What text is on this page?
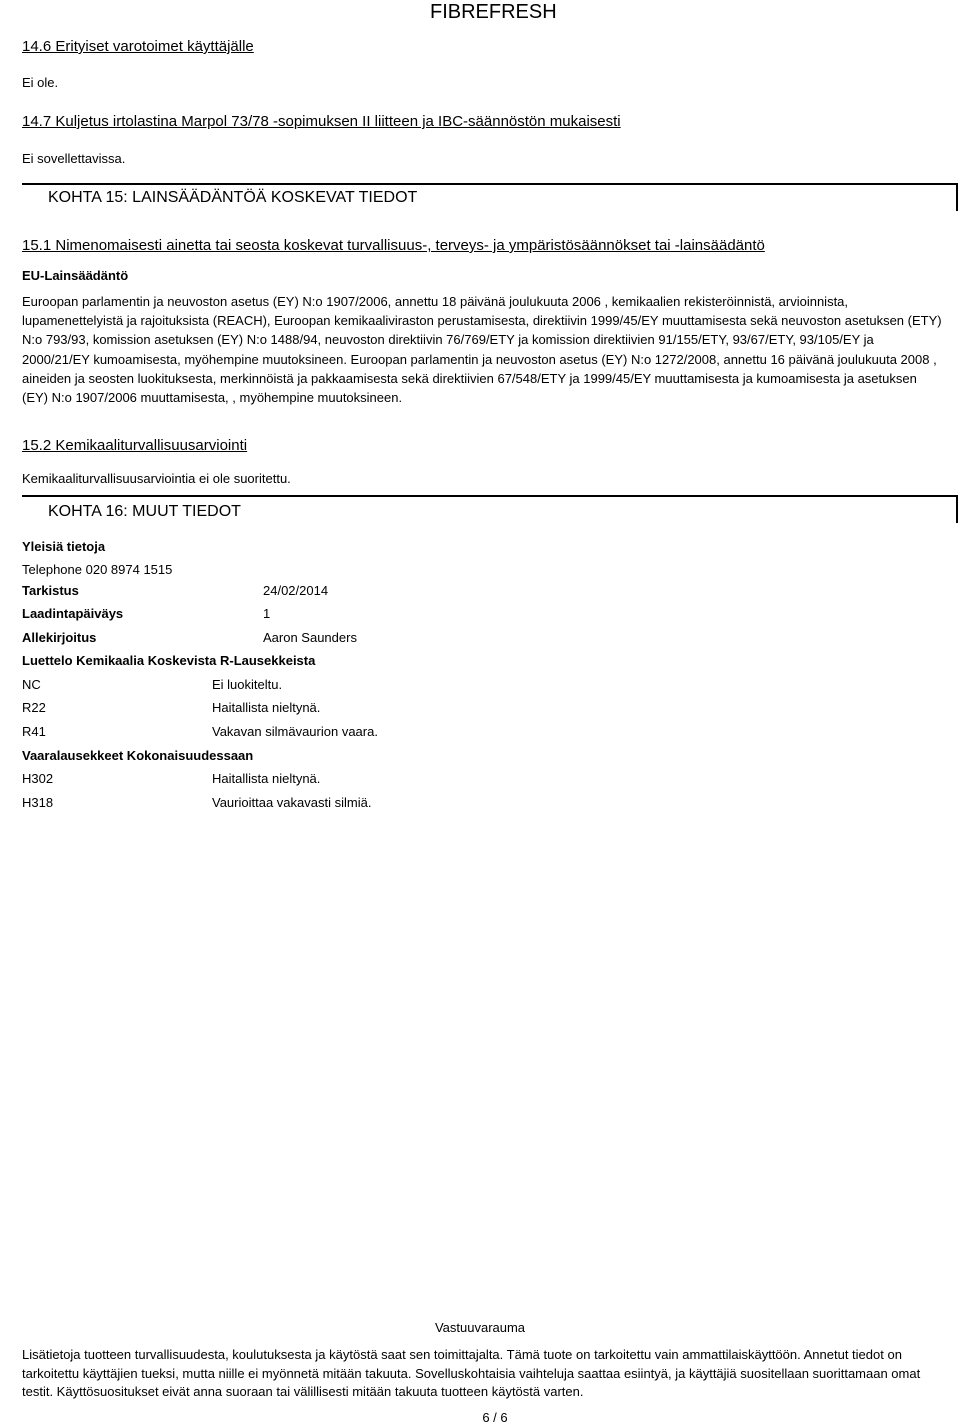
FIBREFRESH
14.6 Erityiset varotoimet käyttäjälle
Ei ole.
14.7 Kuljetus irtolastina Marpol 73/78 -sopimuksen II liitteen ja IBC-säännöstön mukaisesti
Ei sovellettavissa.
KOHTA 15: LAINSÄÄDÄNTÖÄ KOSKEVAT TIEDOT
15.1 Nimenomaisesti ainetta tai seosta koskevat turvallisuus-, terveys- ja ympäristösäännökset tai -lainsäädäntö
EU-Lainsäädäntö
Euroopan parlamentin ja neuvoston asetus (EY) N:o 1907/2006, annettu 18 päivänä joulukuuta 2006 , kemikaalien rekisteröinnistä, arvioinnista, lupamenettelyistä ja rajoituksista (REACH), Euroopan kemikaaliviraston perustamisesta, direktiivin 1999/45/EY muuttamisesta sekä neuvoston asetuksen (ETY) N:o 793/93, komission asetuksen (EY) N:o 1488/94, neuvoston direktiivin 76/769/ETY ja komission direktiivien 91/155/ETY, 93/67/ETY, 93/105/EY ja 2000/21/EY kumoamisesta, myöhempine muutoksineen. Euroopan parlamentin ja neuvoston asetus (EY) N:o 1272/2008, annettu 16 päivänä joulukuuta 2008 , aineiden ja seosten luokituksesta, merkinnöistä ja pakkaamisesta sekä direktiivien 67/548/ETY ja 1999/45/EY muuttamisesta ja kumoamisesta ja asetuksen (EY) N:o 1907/2006 muuttamisesta, , myöhempine muutoksineen.
15.2 Kemikaaliturvallisuusarviointi
Kemikaaliturvallisuusarviointia ei ole suoritettu.
KOHTA 16: MUUT TIEDOT
Yleisiä tietoja
Telephone 020 8974 1515
Tarkistus	24/02/2014
Laadintapäiväys	1
Allekirjoitus	Aaron Saunders
Luettelo Kemikaalia Koskevista R-Lausekkeista
NC	Ei luokiteltu.
R22	Haitallista nieltynä.
R41	Vakavan silmävaurion vaara.
Vaaralausekkeet Kokonaisuudessaan
H302	Haitallista nieltynä.
H318	Vaurioittaa vakavasti silmiä.
Vastuuvarauma
Lisätietoja tuotteen turvallisuudesta, koulutuksesta ja käytöstä saat sen toimittajalta. Tämä tuote on tarkoitettu vain ammattilaiskäyttöön. Annetut tiedot on tarkoitettu käyttäjien tueksi, mutta niille ei myönnetä mitään takuuta. Sovelluskohtaisia vaihteluja saattaa esiintyä, ja käyttäjiä suositellaan suorittamaan omat testit. Käyttösuositukset eivät anna suoraan tai välillisesti mitään takuuta tuotteen käytöstä varten.
6 / 6
